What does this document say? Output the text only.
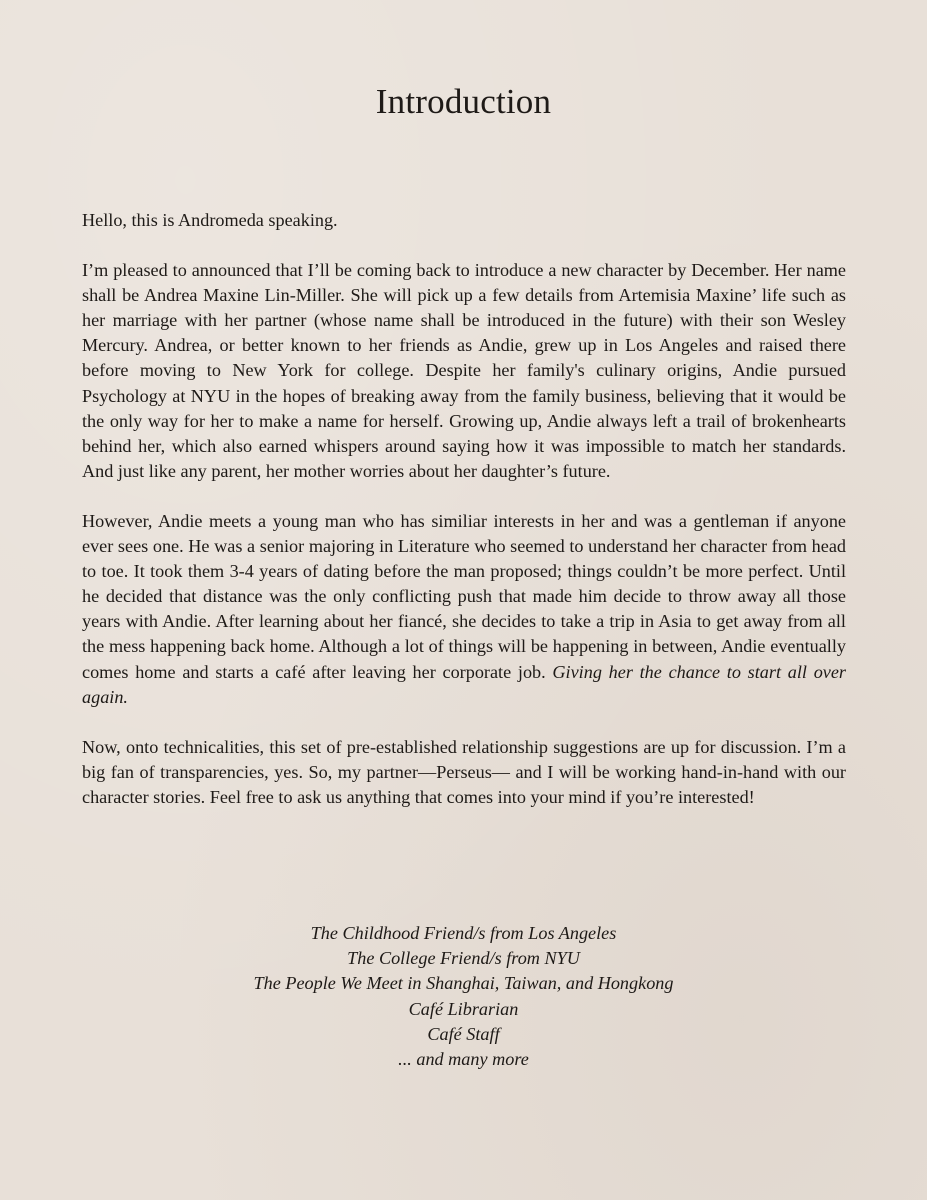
Introduction

Hello, this is Andromeda speaking.

I’m pleased to announced that I’ll be coming back to introduce a new character by December. Her name shall be Andrea Maxine Lin-Miller. She will pick up a few details from Artemisia Maxine’ life such as her marriage with her partner (whose name shall be introduced in the future) with their son Wesley Mercury. Andrea, or better known to her friends as Andie, grew up in Los Angeles and raised there before moving to New York for college. Despite her family's culinary origins, Andie pursued Psychology at NYU in the hopes of breaking away from the family business, believing that it would be the only way for her to make a name for herself. Growing up, Andie always left a trail of brokenhearts behind her, which also earned whispers around saying how it was impossible to match her standards. And just like any parent, her mother worries about her daughter’s future.

However, Andie meets a young man who has similiar interests in her and was a gentleman if anyone ever sees one. He was a senior majoring in Literature who seemed to understand her character from head to toe. It took them 3-4 years of dating before the man proposed; things couldn’t be more perfect. Until he decided that distance was the only conflicting push that made him decide to throw away all those years with Andie. After learning about her fiancé, she decides to take a trip in Asia to get away from all the mess happening back home. Although a lot of things will be happening in between, Andie eventually comes home and starts a café after leaving her corporate job. Giving her the chance to start all over again.

Now, onto technicalities, this set of pre-established relationship suggestions are up for discussion. I’m a big fan of transparencies, yes. So, my partner—Perseus— and I will be working hand-in-hand with our character stories. Feel free to ask us anything that comes into your mind if you’re interested!

The Childhood Friend/s from Los Angeles
The College Friend/s from NYU
The People We Meet in Shanghai, Taiwan, and Hongkong
Café Librarian
Café Staff
... and many more
